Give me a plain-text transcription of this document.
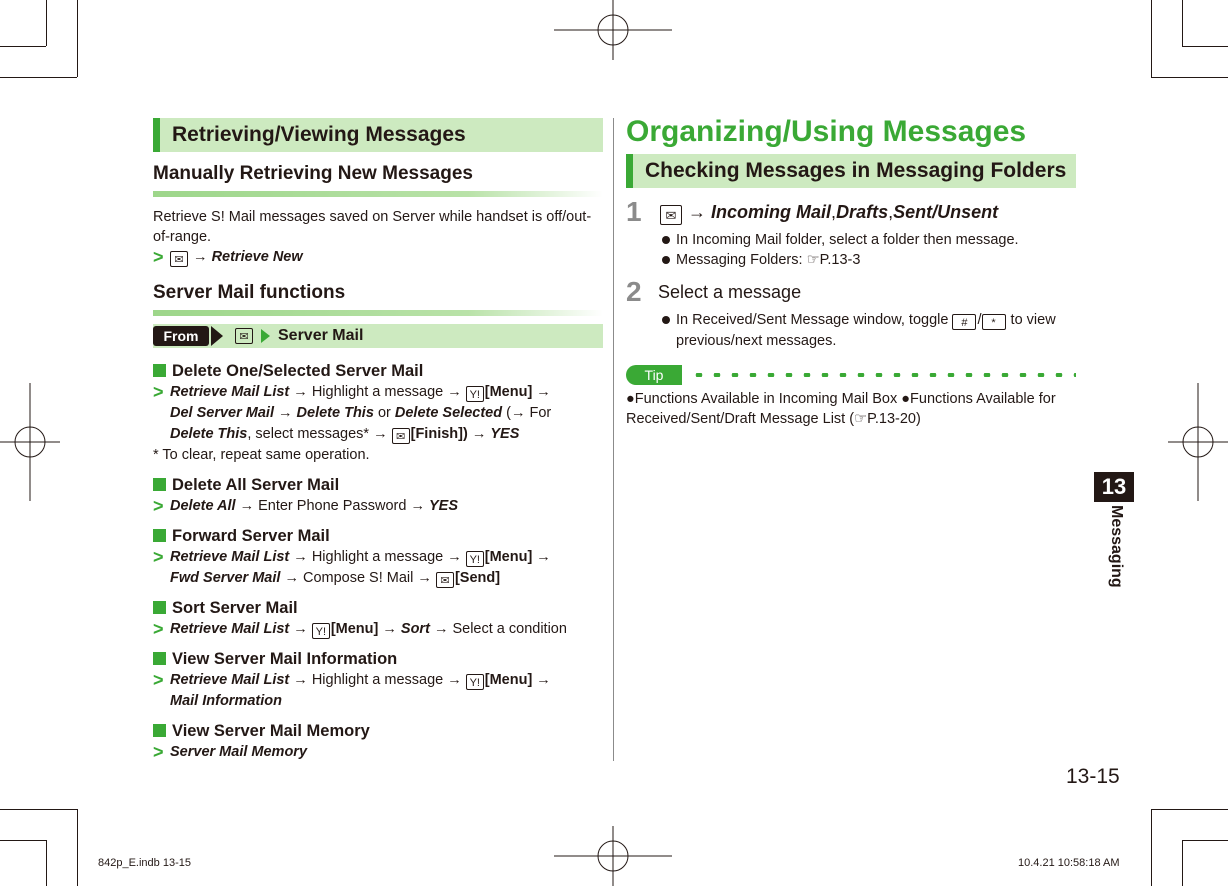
Retrieving/Viewing Messages
Manually Retrieving New Messages
Retrieve S! Mail messages saved on Server while handset is off/out-of-range.
> ✉ → Retrieve New
Server Mail functions
From	✉ Server Mail
Delete One/Selected Server Mail
> Retrieve Mail List → Highlight a message → Y! [Menu] →
Del Server Mail → Delete This or Delete Selected (→ For
Delete This, select messages* → ✉ [Finish]) → YES
* To clear, repeat same operation.
Delete All Server Mail
> Delete All → Enter Phone Password → YES
Forward Server Mail
> Retrieve Mail List → Highlight a message → Y! [Menu] →
Fwd Server Mail → Compose S! Mail → ✉ [Send]
Sort Server Mail
> Retrieve Mail List → Y! [Menu] → Sort → Select a condition
View Server Mail Information
> Retrieve Mail List → Highlight a message → Y! [Menu] →
Mail Information
View Server Mail Memory
> Server Mail Memory
Organizing/Using Messages
Checking Messages in Messaging Folders
1	✉ → Incoming Mail,Drafts,Sent/Unsent
In Incoming Mail folder, select a folder then message.
Messaging Folders: ☞P.13-3
2 Select a message
In Received/Sent Message window, toggle # / * to view
previous/next messages.
Tip
●Functions Available in Incoming Mail Box ●Functions Available for
Received/Sent/Draft Message List (☞P.13-20)
13
Messaging
13-15
842p_E.indb 13-15	10.4.21 10:58:18 AM
